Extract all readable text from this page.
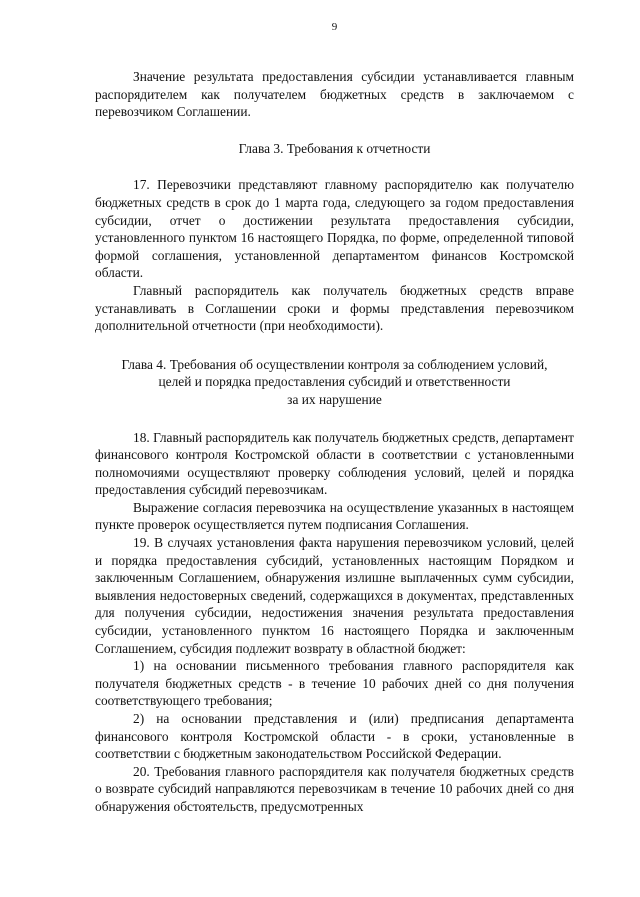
9

Значение результата предоставления субсидии устанавливается главным распорядителем как получателем бюджетных средств в заключаемом с перевозчиком Соглашении.

Глава 3. Требования к отчетности

17. Перевозчики представляют главному распорядителю как получателю бюджетных средств в срок до 1 марта года, следующего за годом предоставления субсидии, отчет о достижении результата предоставления субсидии, установленного пунктом 16 настоящего Порядка, по форме, определенной типовой формой соглашения, установленной департаментом финансов Костромской области.

Главный распорядитель как получатель бюджетных средств вправе устанавливать в Соглашении сроки и формы представления перевозчиком дополнительной отчетности (при необходимости).

Глава 4. Требования об осуществлении контроля за соблюдением условий,
целей и порядка предоставления субсидий и ответственности
за их нарушение

18. Главный распорядитель как получатель бюджетных средств, департамент финансового контроля Костромской области в соответствии с установленными полномочиями осуществляют проверку соблюдения условий, целей и порядка предоставления субсидий перевозчикам.

Выражение согласия перевозчика на осуществление указанных в настоящем пункте проверок осуществляется путем подписания Соглашения.

19. В случаях установления факта нарушения перевозчиком условий, целей и порядка предоставления субсидий, установленных настоящим Порядком и заключенным Соглашением, обнаружения излишне выплаченных сумм субсидии, выявления недостоверных сведений, содержащихся в документах, представленных для получения субсидии, недостижения значения результата предоставления субсидии, установленного пунктом 16 настоящего Порядка и заключенным Соглашением, субсидия подлежит возврату в областной бюджет:

1) на основании письменного требования главного распорядителя как получателя бюджетных средств - в течение 10 рабочих дней со дня получения соответствующего требования;

2) на основании представления и (или) предписания департамента финансового контроля Костромской области - в сроки, установленные в соответствии с бюджетным законодательством Российской Федерации.

20. Требования главного распорядителя как получателя бюджетных средств о возврате субсидий направляются перевозчикам в течение 10 рабочих дней со дня обнаружения обстоятельств, предусмотренных
